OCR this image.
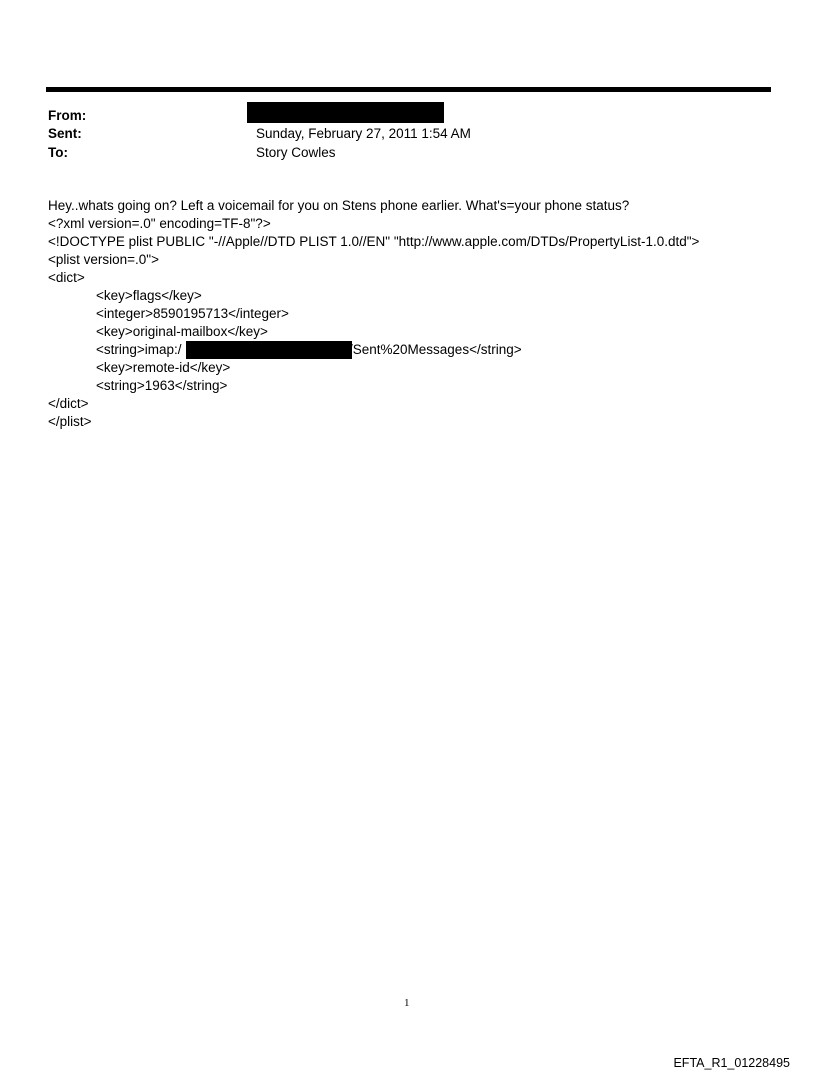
From:
Sent:	Sunday, February 27, 2011 1:54 AM
To:	Story Cowles
Hey..whats going on? Left a voicemail for you on Stens phone earlier. What's=your phone status?
<?xml version=.0" encoding=TF-8"?>
<!DOCTYPE plist PUBLIC "-//Apple//DTD PLIST 1.0//EN" "http://www.apple.com/DTDs/PropertyList-1.0.dtd">
<plist version=.0">
<dict>
<key>flags</key>
<integer>8590195713</integer>
<key>original-mailbox</key>
<string>imap:/	/Sent%20Messages</string>
<key>remote-id</key>
<string>1963</string>
</dict>
</plist>
1
EFTA_R1_01228495
